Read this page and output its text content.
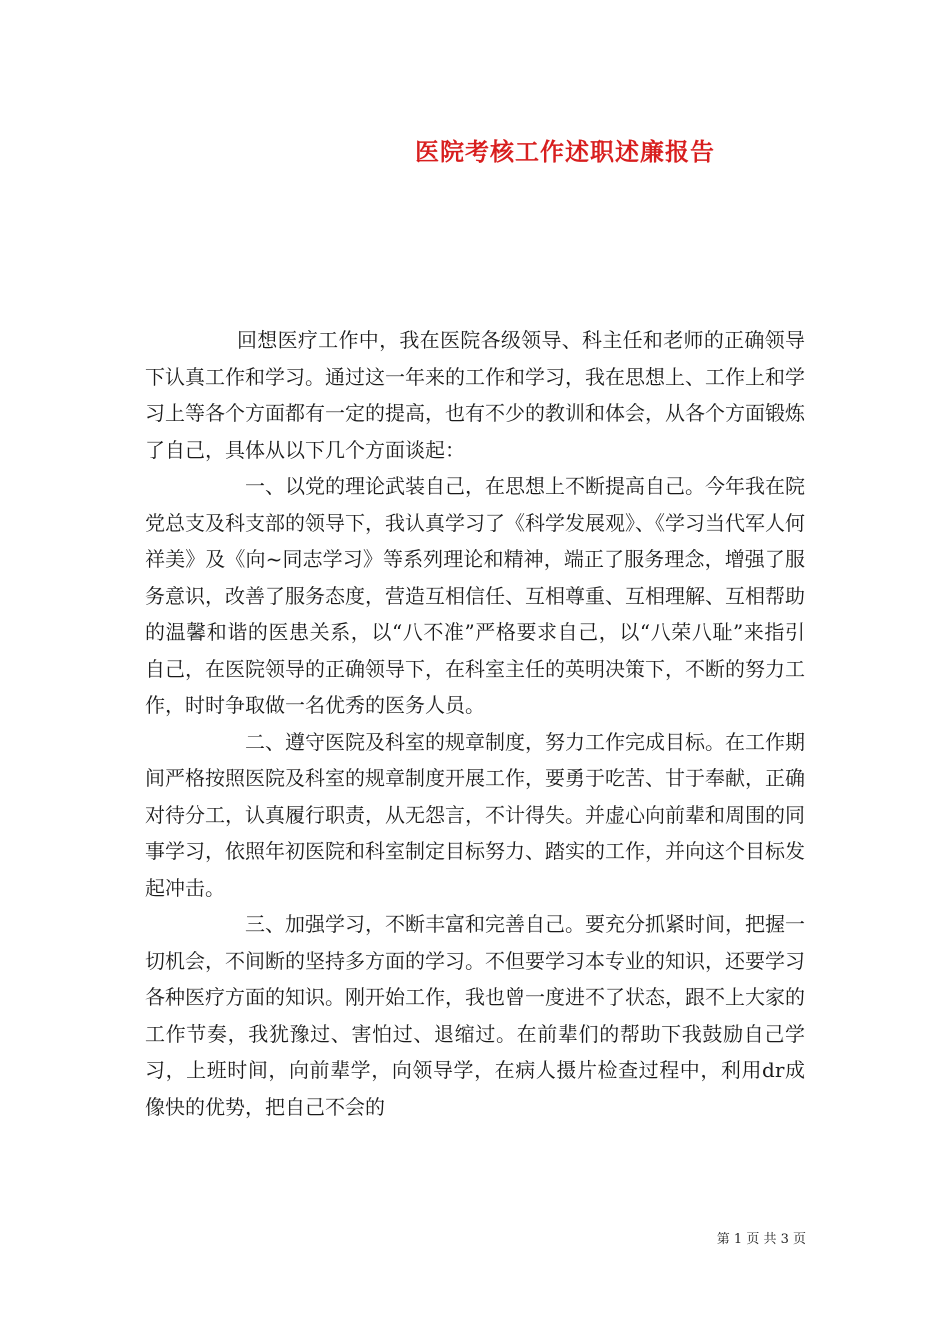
医院考核工作述职述廉报告

回想医疗工作中，我在医院各级领导、科主任和老师的正确领导下认真工作和学习。通过这一年来的工作和学习，我在思想上、工作上和学习上等各个方面都有一定的提高，也有不少的教训和体会，从各个方面锻炼了自己，具体从以下几个方面谈起：

一、以党的理论武装自己，在思想上不断提高自己。今年我在院党总支及科支部的领导下，我认真学习了《科学发展观》、《学习当代军人何祥美》及《向~同志学习》等系列理论和精神，端正了服务理念，增强了服务意识，改善了服务态度，营造互相信任、互相尊重、互相理解、互相帮助的温馨和谐的医患关系，以“八不准”严格要求自己，以“八荣八耻”来指引自己，在医院领导的正确领导下，在科室主任的英明决策下，不断的努力工作，时时争取做一名优秀的医务人员。

二、遵守医院及科室的规章制度，努力工作完成目标。在工作期间严格按照医院及科室的规章制度开展工作，要勇于吃苦、甘于奉献，正确对待分工，认真履行职责，从无怨言，不计得失。并虚心向前辈和周围的同事学习，依照年初医院和科室制定目标努力、踏实的工作，并向这个目标发起冲击。

三、加强学习，不断丰富和完善自己。要充分抓紧时间，把握一切机会，不间断的坚持多方面的学习。不但要学习本专业的知识，还要学习各种医疗方面的知识。刚开始工作，我也曾一度进不了状态，跟不上大家的工作节奏，我犹豫过、害怕过、退缩过。在前辈们的帮助下我鼓励自己学习，上班时间，向前辈学，向领导学，在病人摄片检查过程中，利用dr成像快的优势，把自己不会的

第 1 页 共 3 页
